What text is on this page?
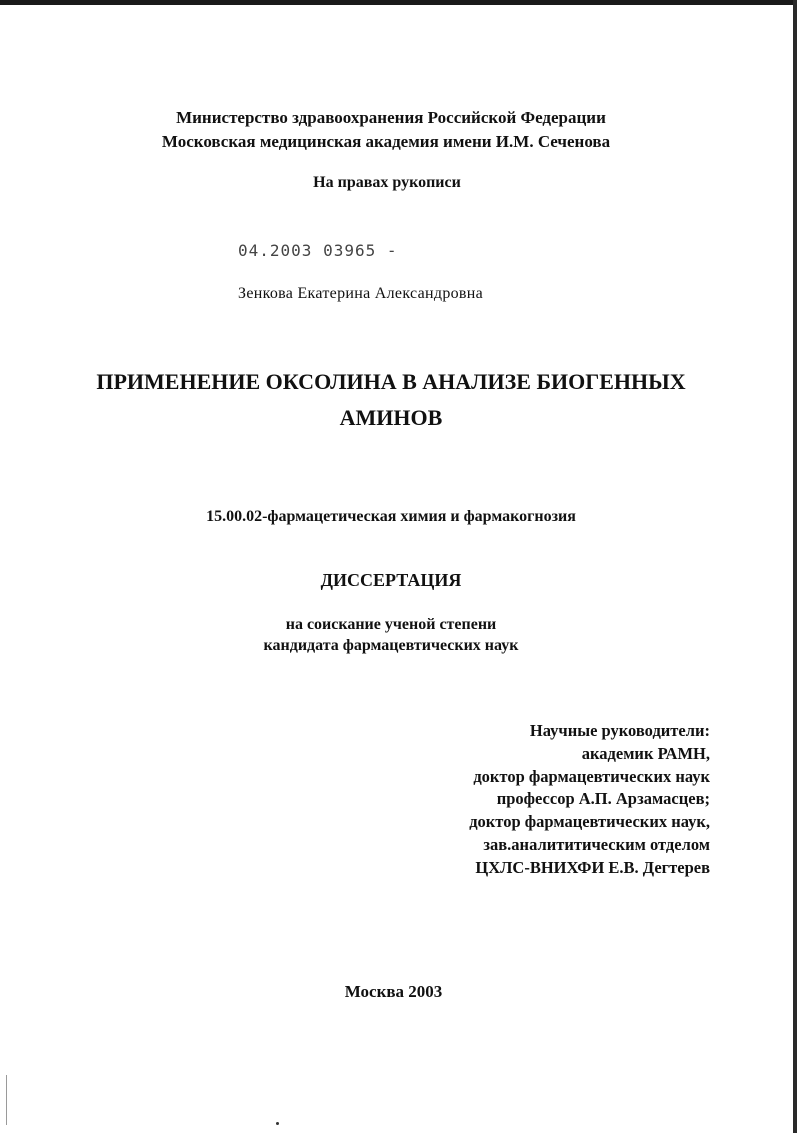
Министерство здравоохранения Российской Федерации
Московская медицинская академия имени И.М. Сеченова
На правах рукописи
04.2003 03965 -
Зенкова Екатерина Александровна
ПРИМЕНЕНИЕ ОКСОЛИНА В АНАЛИЗЕ БИОГЕННЫХ
АМИНОВ
15.00.02-фармацетическая химия и фармакогнозия
ДИССЕРТАЦИЯ
на соискание ученой степени
кандидата фармацевтических наук
Научные руководители:
академик РАМН,
доктор фармацевтических наук
профессор А.П. Арзамасцев;
доктор фармацевтических наук,
зав.аналититическим отделом
ЦХЛС-ВНИХФИ Е.В. Дегтерев
Москва 2003
